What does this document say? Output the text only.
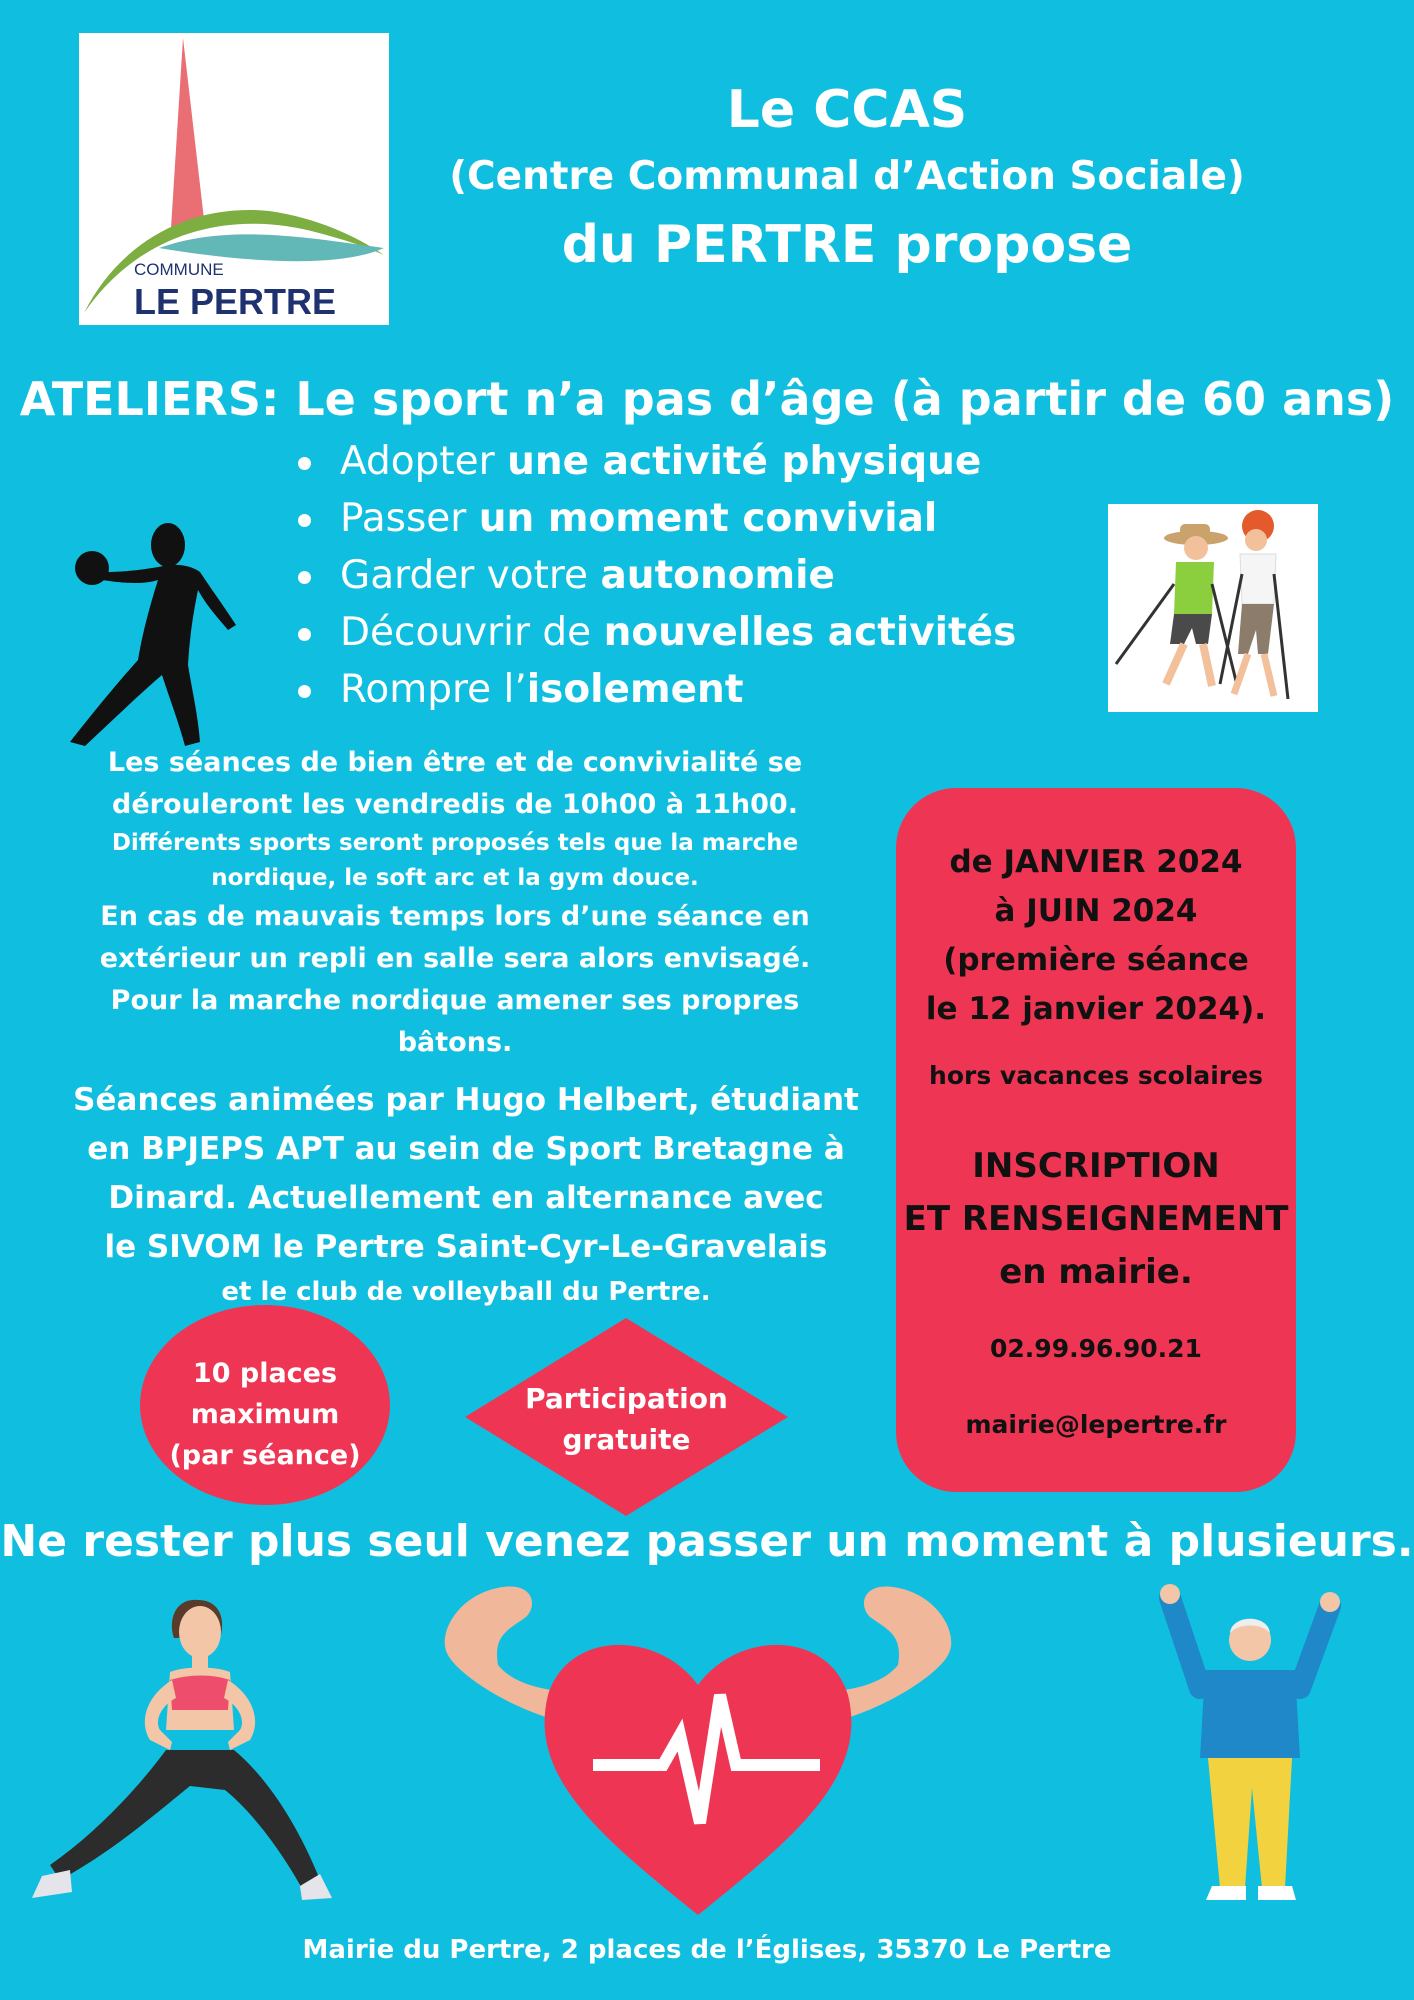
COMMUNE
LE PERTRE
Le CCAS
(Centre Communal d’Action Sociale)
du PERTRE propose
ATELIERS: Le sport n’a pas d’âge (à partir de 60 ans)
Adopter une activité physique
Passer un moment convivial
Garder votre autonomie
Découvrir de nouvelles activités
Rompre l’isolement
Les séances de bien être et de convivialité se dérouleront les vendredis de 10h00 à 11h00.
Différents sports seront proposés tels que la marche nordique, le soft arc et la gym douce.
En cas de mauvais temps lors d’une séance en extérieur un repli en salle sera alors envisagé.
Pour la marche nordique amener ses propres bâtons.
Séances animées par Hugo Helbert, étudiant
en BPJEPS APT au sein de Sport Bretagne à
Dinard. Actuellement en alternance avec
le SIVOM le Pertre Saint-Cyr-Le-Gravelais
et le club de volleyball du Pertre.
de JANVIER 2024
à JUIN 2024
(première séance
le 12 janvier 2024).
hors vacances scolaires
INSCRIPTION
ET RENSEIGNEMENT
en mairie.
02.99.96.90.21
mairie@lepertre.fr
10 places
maximum
(par séance)
Participation
gratuite
Ne rester plus seul venez passer un moment à plusieurs.
Mairie du Pertre, 2 places de l’Églises, 35370 Le Pertre
